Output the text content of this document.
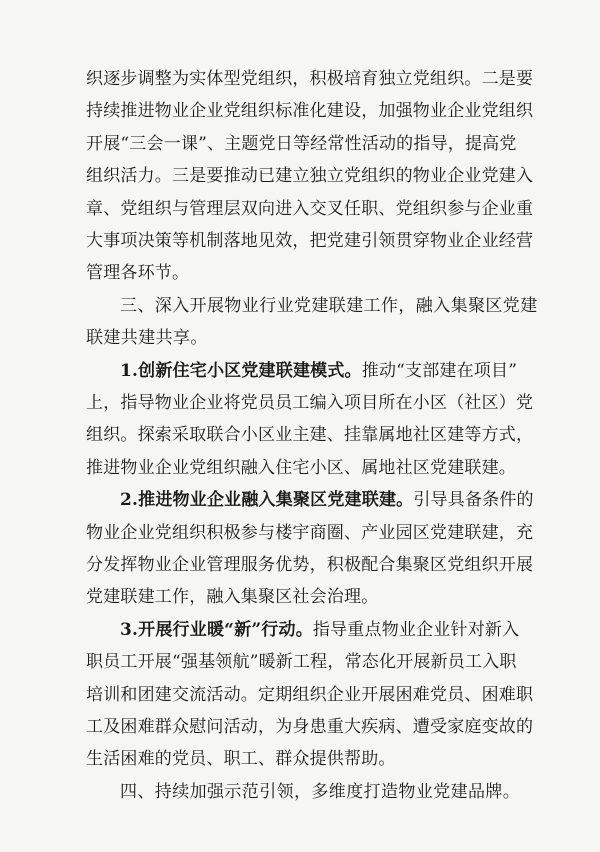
织逐步调整为实体型党组织，积极培育独立党组织。二是要
持续推进物业企业党组织标准化建设，加强物业企业党组织
开展“三会一课”、主题党日等经常性活动的指导，提高党
组织活力。三是要推动已建立独立党组织的物业企业党建入
章、党组织与管理层双向进入交叉任职、党组织参与企业重
大事项决策等机制落地见效，把党建引领贯穿物业企业经营
管理各环节。
三、深入开展物业行业党建联建工作，融入集聚区党建
联建共建共享。
1.创新住宅小区党建联建模式。推动“支部建在项目”
上，指导物业企业将党员员工编入项目所在小区（社区）党
组织。探索采取联合小区业主建、挂靠属地社区建等方式，
推进物业企业党组织融入住宅小区、属地社区党建联建。
2.推进物业企业融入集聚区党建联建。引导具备条件的
物业企业党组织积极参与楼宇商圈、产业园区党建联建，充
分发挥物业企业管理服务优势，积极配合集聚区党组织开展
党建联建工作，融入集聚区社会治理。
3.开展行业暖“新”行动。指导重点物业企业针对新入
职员工开展“强基领航”暖新工程，常态化开展新员工入职
培训和团建交流活动。定期组织企业开展困难党员、困难职
工及困难群众慰问活动，为身患重大疾病、遭受家庭变故的
生活困难的党员、职工、群众提供帮助。
四、持续加强示范引领，多维度打造物业党建品牌。
